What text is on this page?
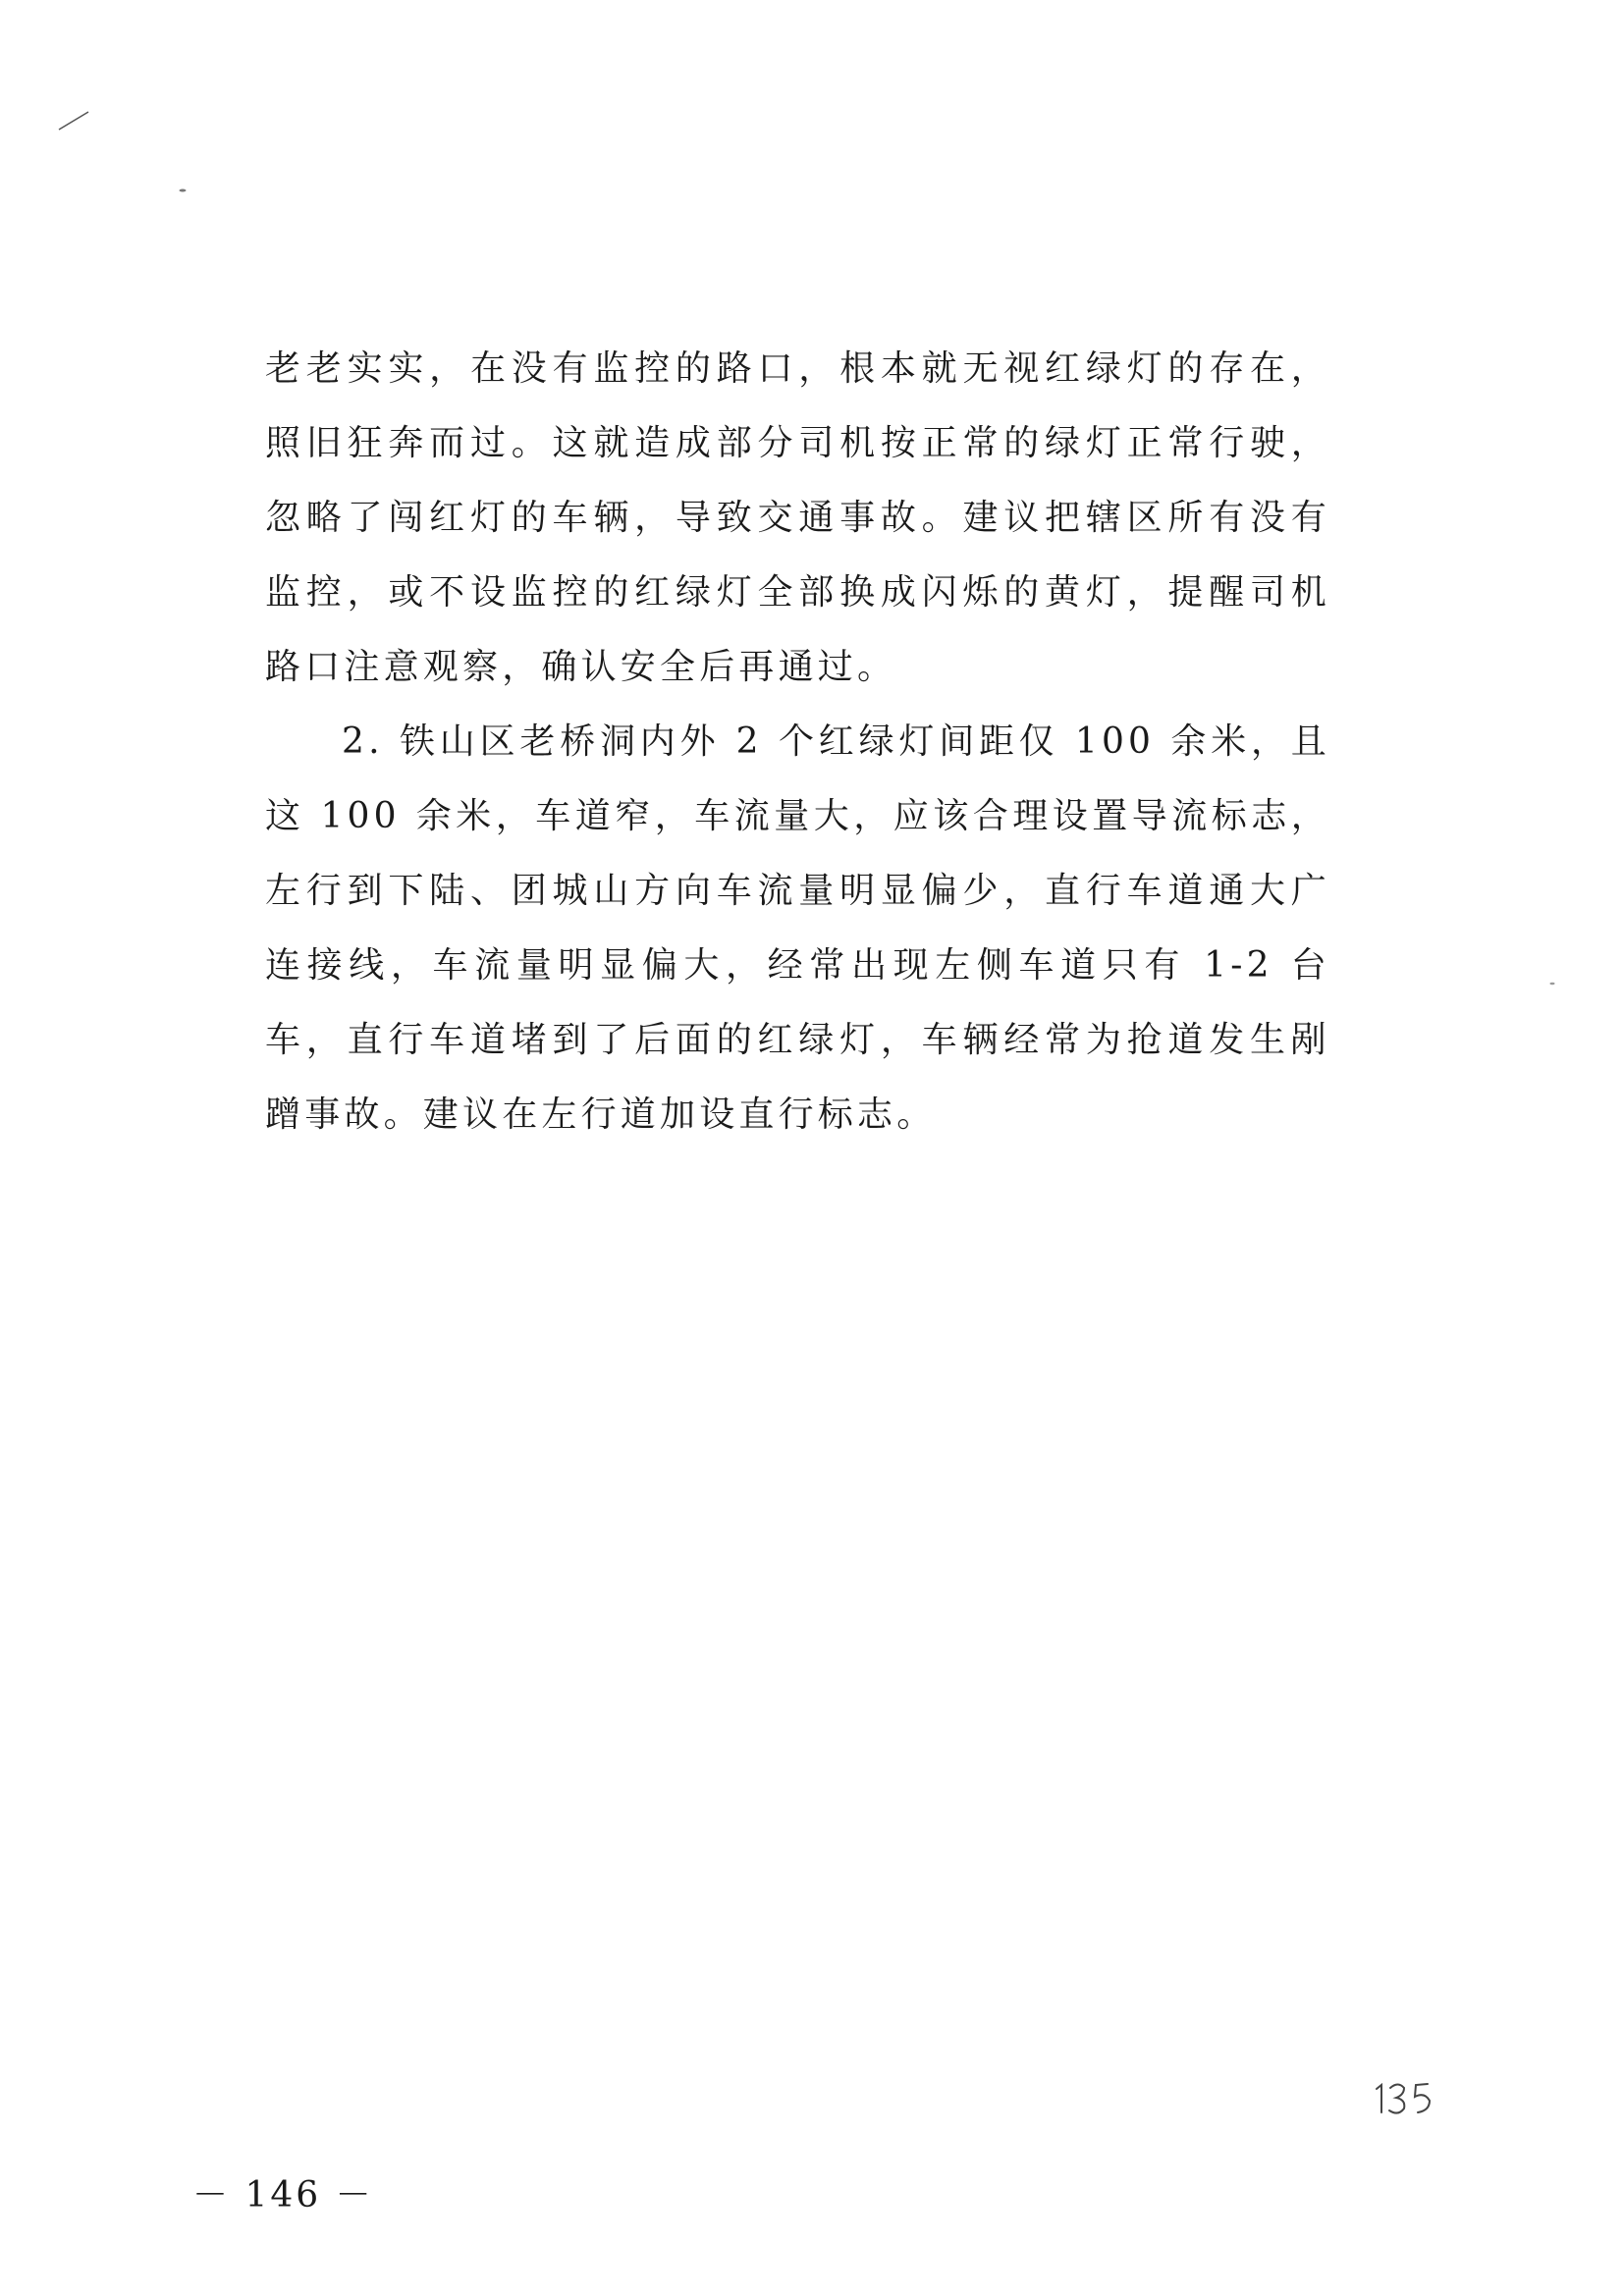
老老实实，在没有监控的路口，根本就无视红绿灯的存在，照旧狂奔而过。这就造成部分司机按正常的绿灯正常行驶，忽略了闯红灯的车辆，导致交通事故。建议把辖区所有没有监控，或不设监控的红绿灯全部换成闪烁的黄灯，提醒司机路口注意观察，确认安全后再通过。

2. 铁山区老桥洞内外 2 个红绿灯间距仅 100 余米，且这 100 余米，车道窄，车流量大，应该合理设置导流标志，左行到下陆、团城山方向车流量明显偏少，直行车道通大广连接线，车流量明显偏大，经常出现左侧车道只有 1-2 台车，直行车道堵到了后面的红绿灯，车辆经常为抢道发生剐蹭事故。建议在左行道加设直行标志。

－ 146 －
